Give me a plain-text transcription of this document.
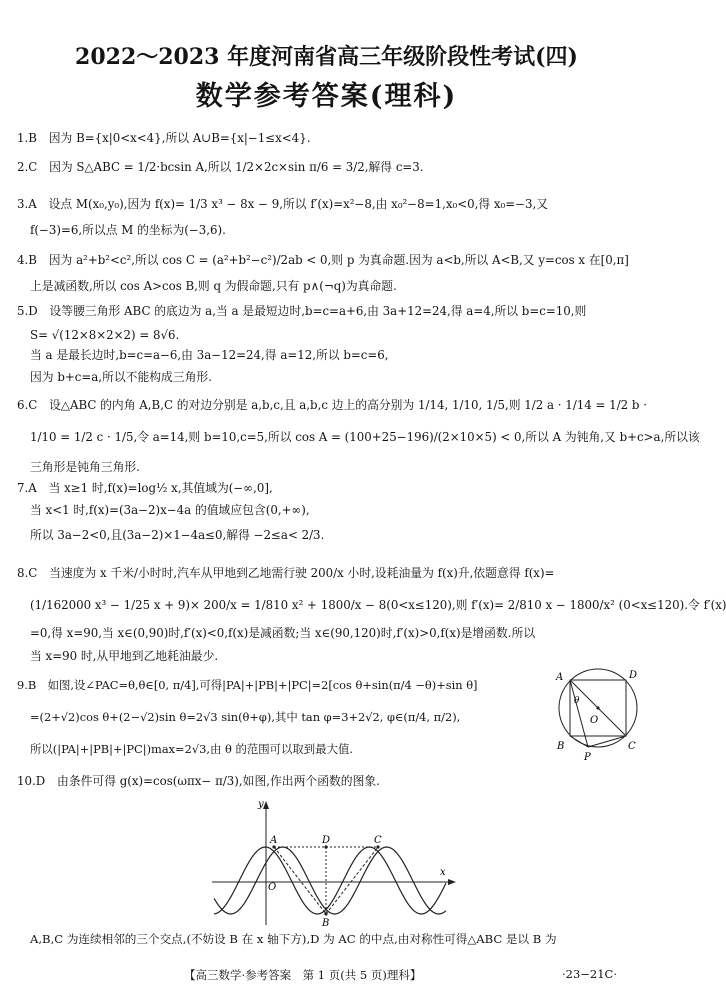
2022～2023 年度河南省高三年级阶段性考试(四)
数学参考答案(理科)
1.B　因为 B={x|0<x<4},所以 A∪B={x|−1≤x<4}.
2.C　因为 S△ABC = 1/2·bcsin A,所以 1/2×2c×sin π/6 = 3/2,解得 c=3.
3.A　设点 M(x₀,y₀),因为 f(x)= 1/3 x³ − 8x − 9,所以 f′(x)=x²−8,由 x₀²−8=1,x₀<0,得 x₀=−3,又
f(−3)=6,所以点 M 的坐标为(−3,6).
4.B　因为 a²+b²<c²,所以 cos C = (a²+b²−c²)/2ab < 0,则 p 为真命题.因为 a<b,所以 A<B,又 y=cos x 在[0,π]
上是减函数,所以 cos A>cos B,则 q 为假命题,只有 p∧(¬q)为真命题.
5.D　设等腰三角形 ABC 的底边为 a,当 a 是最短边时,b=c=a+6,由 3a+12=24,得 a=4,所以 b=c=10,则
S= √(12×8×2×2) = 8√6.
当 a 是最长边时,b=c=a−6,由 3a−12=24,得 a=12,所以 b=c=6,
因为 b+c=a,所以不能构成三角形.
6.C　设△ABC 的内角 A,B,C 的对边分别是 a,b,c,且 a,b,c 边上的高分别为 1/14, 1/10, 1/5,则 1/2 a · 1/14 = 1/2 b ·
1/10 = 1/2 c · 1/5,令 a=14,则 b=10,c=5,所以 cos A = (100+25−196)/(2×10×5) < 0,所以 A 为钝角,又 b+c>a,所以该
三角形是钝角三角形.
7.A　当 x≥1 时,f(x)=log½ x,其值域为(−∞,0],
当 x<1 时,f(x)=(3a−2)x−4a 的值域应包含(0,+∞),
所以 3a−2<0,且(3a−2)×1−4a≤0,解得 −2≤a< 2/3.
8.C　当速度为 x 千米/小时时,汽车从甲地到乙地需行驶 200/x 小时,设耗油量为 f(x)升,依题意得 f(x)=
(1/162000 x³ − 1/25 x + 9)× 200/x = 1/810 x² + 1800/x − 8(0<x≤120),则 f′(x)= 2/810 x − 1800/x² (0<x≤120).令 f′(x)
=0,得 x=90,当 x∈(0,90)时,f′(x)<0,f(x)是减函数;当 x∈(90,120)时,f′(x)>0,f(x)是增函数.所以
当 x=90 时,从甲地到乙地耗油最少.
9.B　如图,设∠PAC=θ,θ∈[0, π/4],可得|PA|+|PB|+|PC|=2[cos θ+sin(π/4 −θ)+sin θ]
=(2+√2)cos θ+(2−√2)sin θ=2√3 sin(θ+φ),其中 tan φ=3+2√2, φ∈(π/4, π/2),
所以(|PA|+|PB|+|PC|)max=2√3,由 θ 的范围可以取到最大值.
10.D　由条件可得 g(x)=cos(ωπx− π/3),如图,作出两个函数的图象.
A,B,C 为连续相邻的三个交点,(不妨设 B 在 x 轴下方),D 为 AC 的中点,由对称性可得△ABC 是以 B 为
A	D
θ
O
B
P
C
y
x
A	D	C
O
B
【高三数学·参考答案　第 1 页(共 5 页)理科】	·23−21C·
